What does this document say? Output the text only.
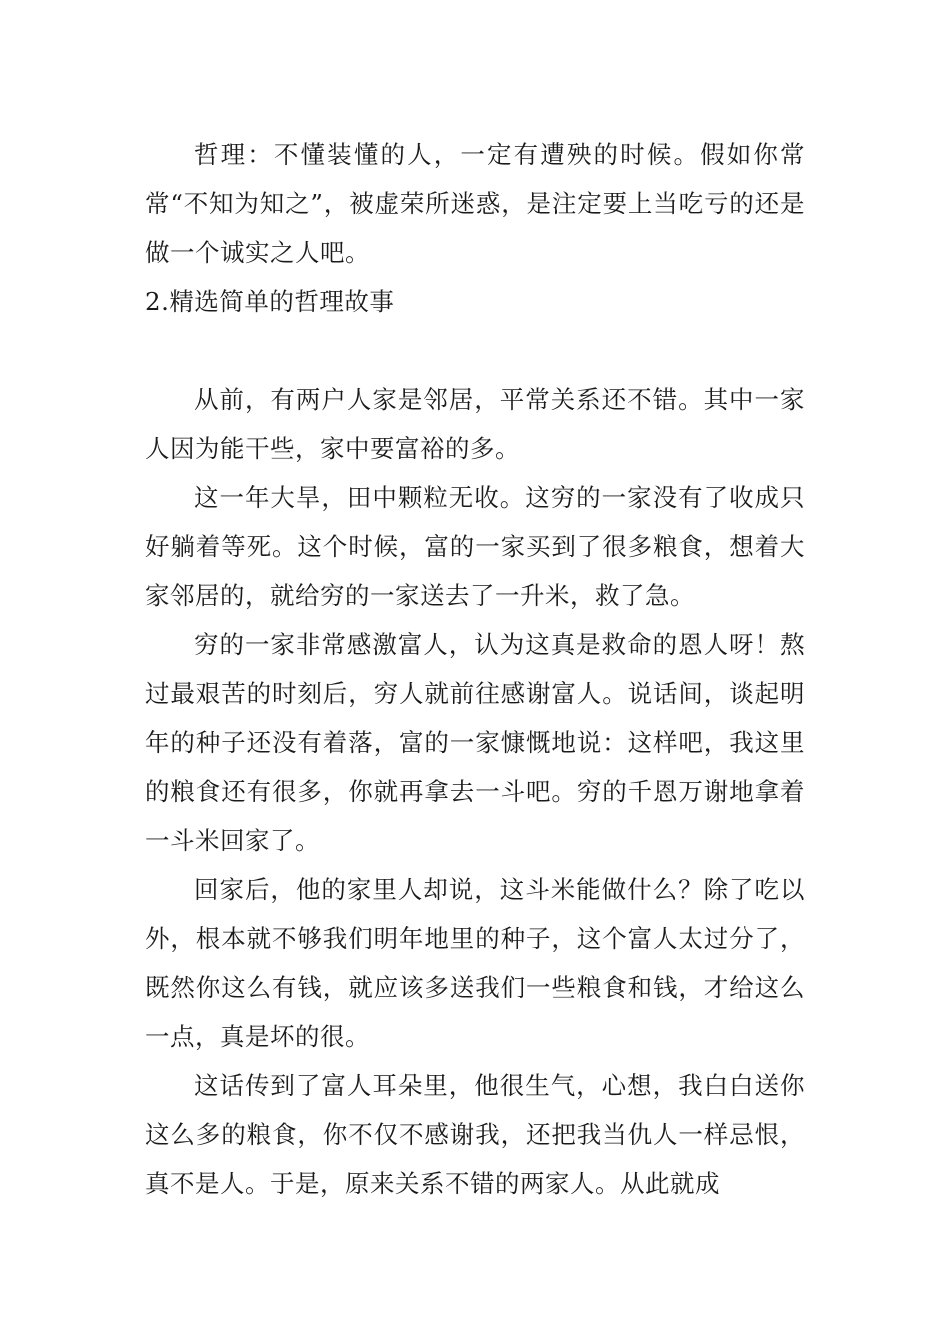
哲理：不懂装懂的人，一定有遭殃的时候。假如你常常“不知为知之”，被虚荣所迷惑，是注定要上当吃亏的还是做一个诚实之人吧。

2.精选简单的哲理故事

从前，有两户人家是邻居，平常关系还不错。其中一家人因为能干些，家中要富裕的多。

这一年大旱，田中颗粒无收。这穷的一家没有了收成只好躺着等死。这个时候，富的一家买到了很多粮食，想着大家邻居的，就给穷的一家送去了一升米，救了急。

穷的一家非常感激富人，认为这真是救命的恩人呀！熬过最艰苦的时刻后，穷人就前往感谢富人。说话间，谈起明年的种子还没有着落，富的一家慷慨地说：这样吧，我这里的粮食还有很多，你就再拿去一斗吧。穷的千恩万谢地拿着一斗米回家了。

回家后，他的家里人却说，这斗米能做什么？除了吃以外，根本就不够我们明年地里的种子，这个富人太过分了，既然你这么有钱，就应该多送我们一些粮食和钱，才给这么一点，真是坏的很。

这话传到了富人耳朵里，他很生气，心想，我白白送你这么多的粮食，你不仅不感谢我，还把我当仇人一样忌恨，真不是人。于是，原来关系不错的两家人。从此就成
